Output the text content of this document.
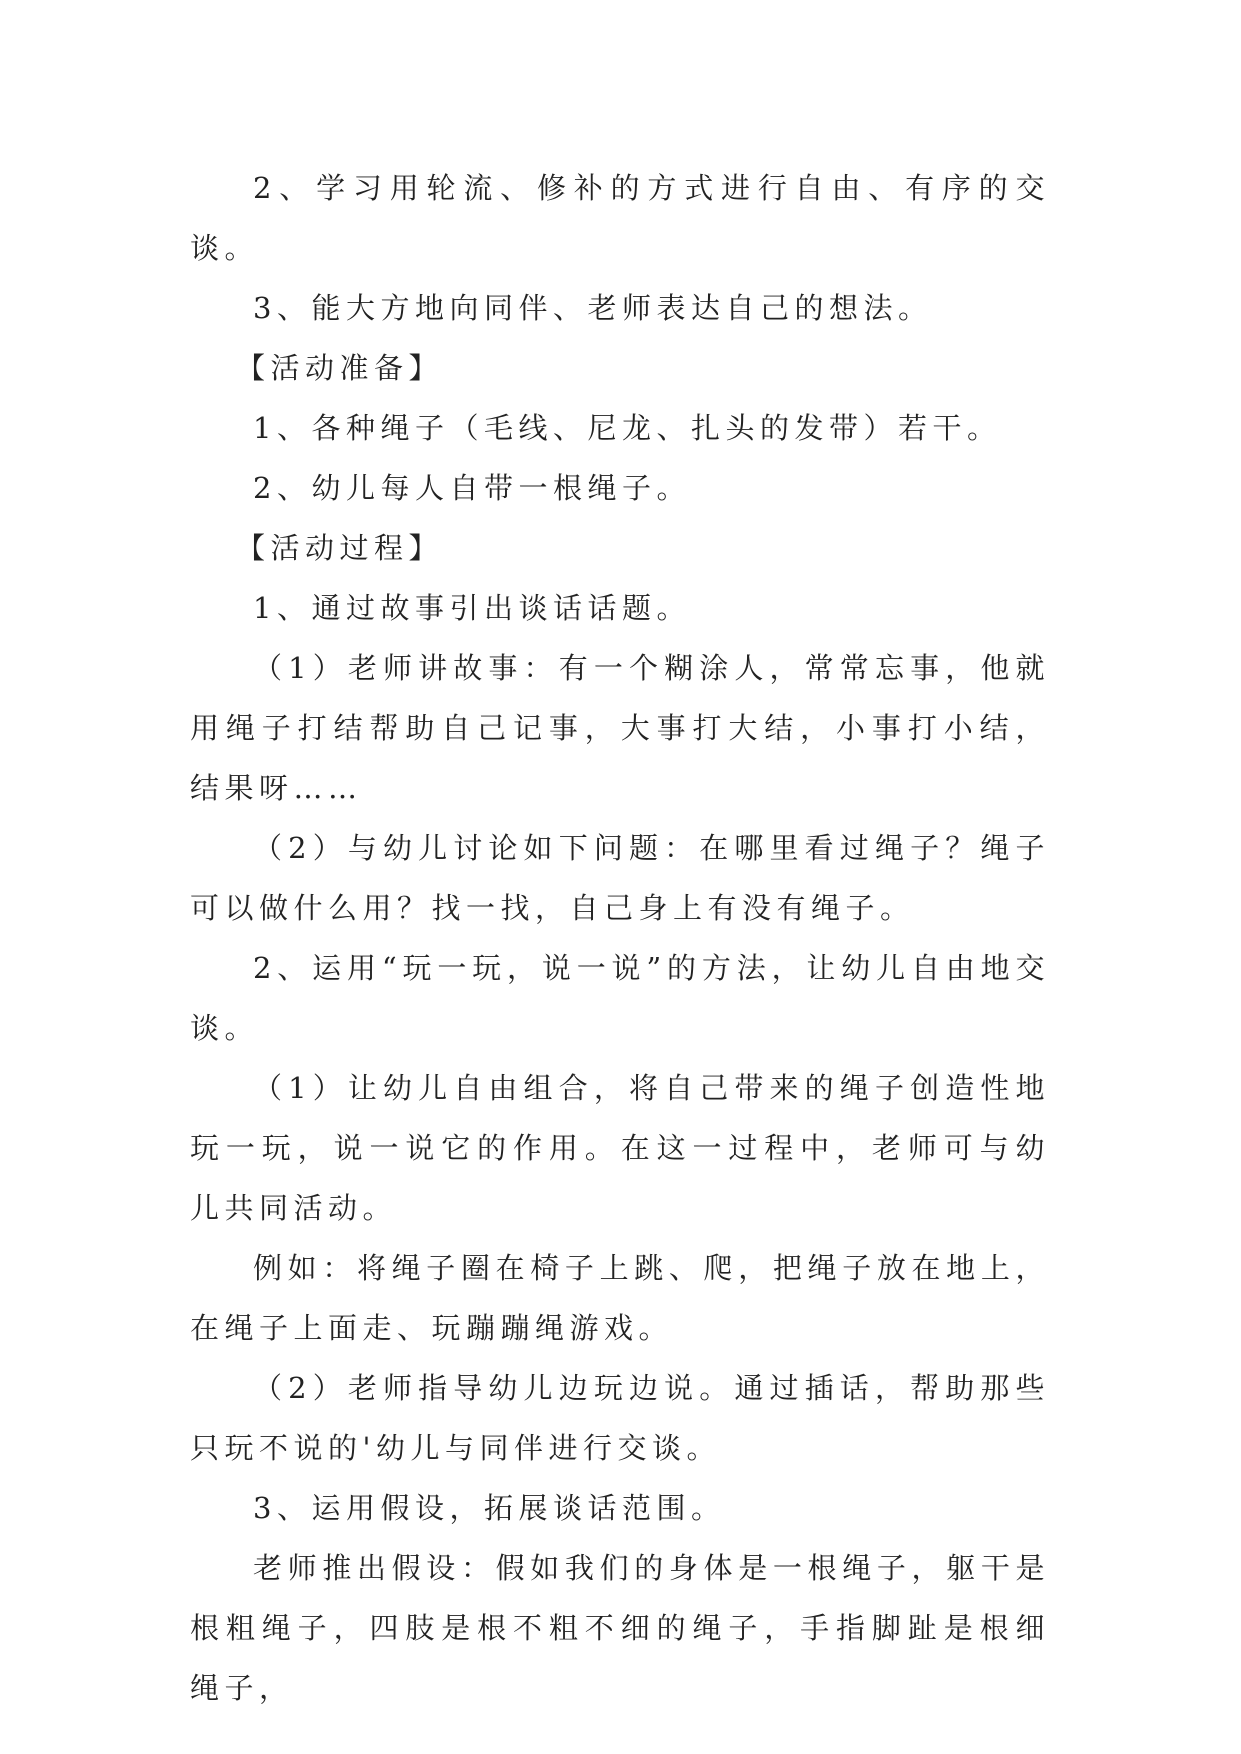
2、学习用轮流、修补的方式进行自由、有序的交谈。

3、能大方地向同伴、老师表达自己的想法。

【活动准备】

1、各种绳子（毛线、尼龙、扎头的发带）若干。

2、幼儿每人自带一根绳子。

【活动过程】

1、通过故事引出谈话话题。

（1）老师讲故事：有一个糊涂人，常常忘事，他就用绳子打结帮助自己记事，大事打大结，小事打小结，结果呀……

（2）与幼儿讨论如下问题：在哪里看过绳子？绳子可以做什么用？找一找，自己身上有没有绳子。

2、运用“玩一玩，说一说”的方法，让幼儿自由地交谈。

（1）让幼儿自由组合，将自己带来的绳子创造性地玩一玩，说一说它的作用。在这一过程中，老师可与幼儿共同活动。

例如：将绳子圈在椅子上跳、爬，把绳子放在地上，在绳子上面走、玩蹦蹦绳游戏。

（2）老师指导幼儿边玩边说。通过插话，帮助那些只玩不说的'幼儿与同伴进行交谈。

3、运用假设，拓展谈话范围。

老师推出假设：假如我们的身体是一根绳子，躯干是根粗绳子，四肢是根不粗不细的绳子，手指脚趾是根细绳子，
